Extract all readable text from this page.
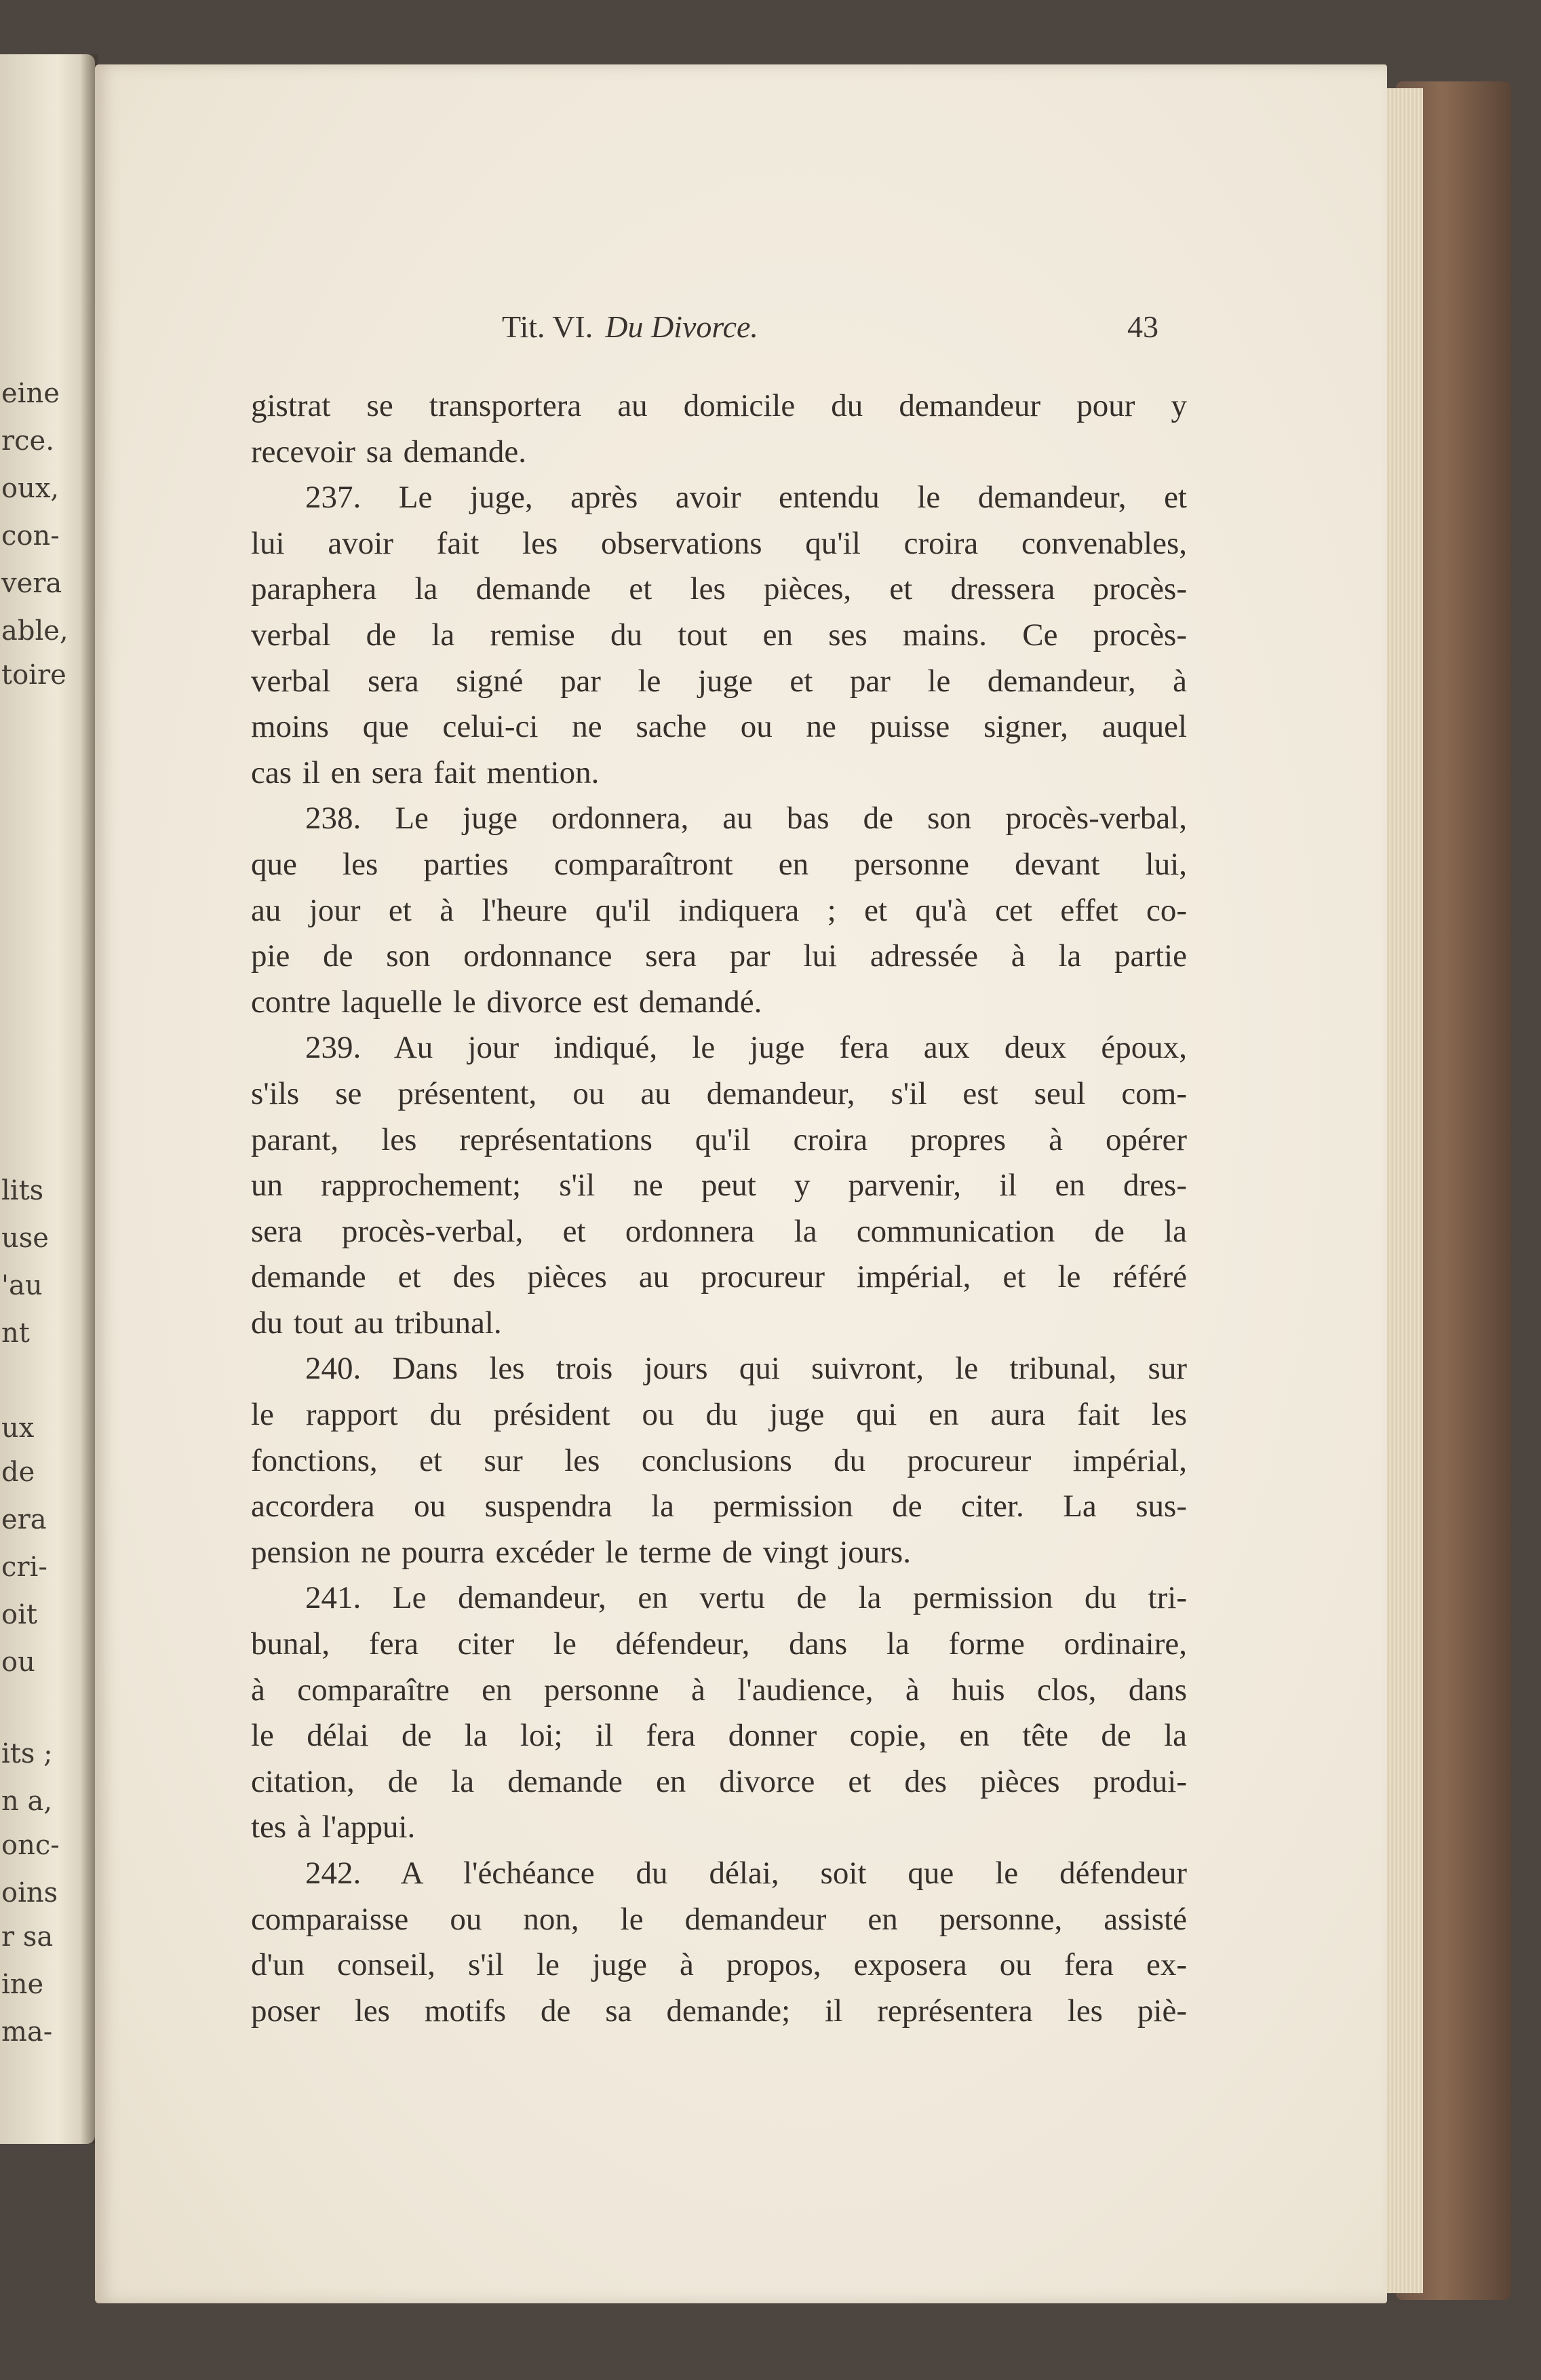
eine
rce.
oux,
con-
vera
able,
toire
lits
use
'au
nt
ux
de
era
cri-
oit
ou
its ;
n a,
onc-
oins
r sa
ine
ma-
Tit. VI. Du Divorce.	43
gistrat se transportera au domicile du demandeur pour y
recevoir sa demande.
237. Le juge, après avoir entendu le demandeur, et
lui avoir fait les observations qu'il croira convenables,
paraphera la demande et les pièces, et dressera procès-
verbal de la remise du tout en ses mains. Ce procès-
verbal sera signé par le juge et par le demandeur, à
moins que celui-ci ne sache ou ne puisse signer, auquel
cas il en sera fait mention.
238. Le juge ordonnera, au bas de son procès-verbal,
que les parties comparaîtront en personne devant lui,
au jour et à l'heure qu'il indiquera ; et qu'à cet effet co-
pie de son ordonnance sera par lui adressée à la partie
contre laquelle le divorce est demandé.
239. Au jour indiqué, le juge fera aux deux époux,
s'ils se présentent, ou au demandeur, s'il est seul com-
parant, les représentations qu'il croira propres à opérer
un rapprochement; s'il ne peut y parvenir, il en dres-
sera procès-verbal, et ordonnera la communication de la
demande et des pièces au procureur impérial, et le référé
du tout au tribunal.
240. Dans les trois jours qui suivront, le tribunal, sur
le rapport du président ou du juge qui en aura fait les
fonctions, et sur les conclusions du procureur impérial,
accordera ou suspendra la permission de citer. La sus-
pension ne pourra excéder le terme de vingt jours.
241. Le demandeur, en vertu de la permission du tri-
bunal, fera citer le défendeur, dans la forme ordinaire,
à comparaître en personne à l'audience, à huis clos, dans
le délai de la loi; il fera donner copie, en tête de la
citation, de la demande en divorce et des pièces produi-
tes à l'appui.
242. A l'échéance du délai, soit que le défendeur
comparaisse ou non, le demandeur en personne, assisté
d'un conseil, s'il le juge à propos, exposera ou fera ex-
poser les motifs de sa demande; il représentera les piè-
